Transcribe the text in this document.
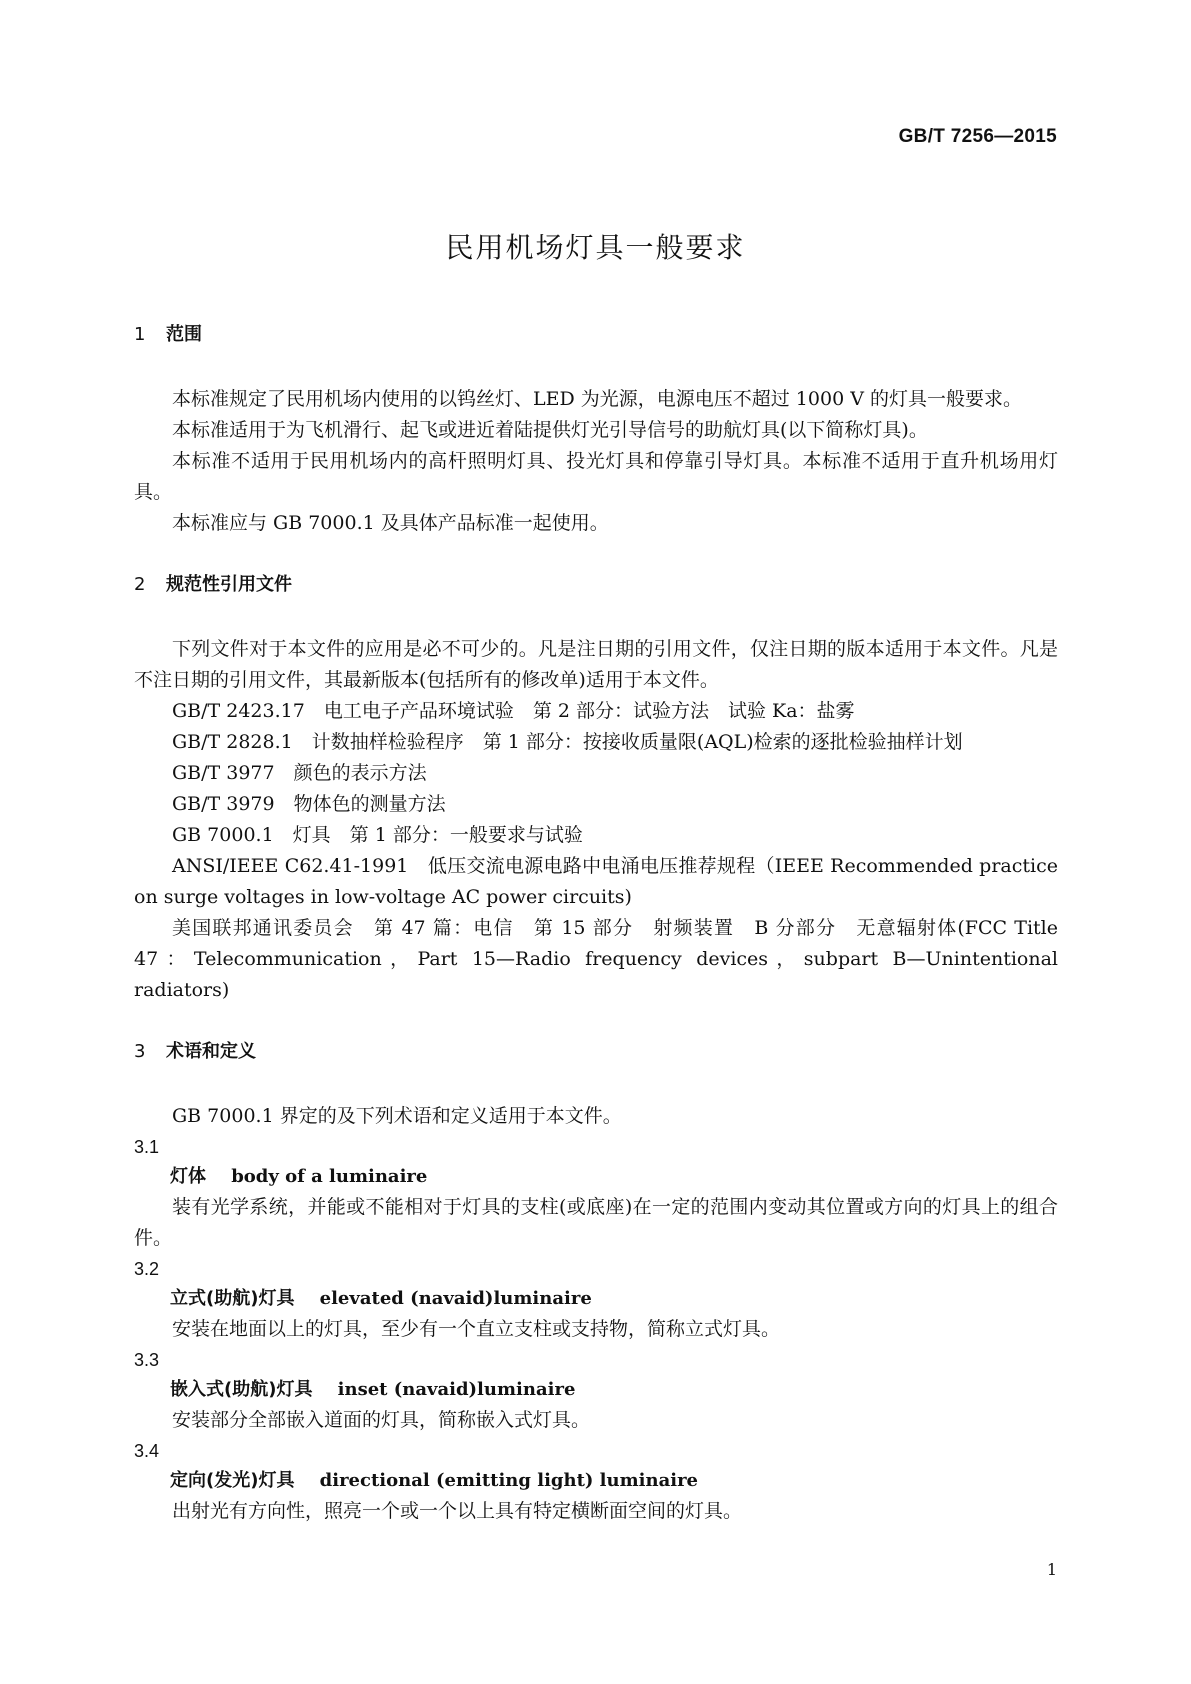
GB/T 7256—2015
民用机场灯具一般要求
1 范围

本标准规定了民用机场内使用的以钨丝灯、LED 为光源，电源电压不超过 1000 V 的灯具一般要求。

本标准适用于为飞机滑行、起飞或进近着陆提供灯光引导信号的助航灯具(以下简称灯具)。

本标准不适用于民用机场内的高杆照明灯具、投光灯具和停靠引导灯具。本标准不适用于直升机场用灯具。

本标准应与 GB 7000.1 及具体产品标准一起使用。

2 规范性引用文件

下列文件对于本文件的应用是必不可少的。凡是注日期的引用文件，仅注日期的版本适用于本文件。凡是不注日期的引用文件，其最新版本(包括所有的修改单)适用于本文件。

GB/T 2423.17　电工电子产品环境试验　第 2 部分：试验方法　试验 Ka：盐雾

GB/T 2828.1　计数抽样检验程序　第 1 部分：按接收质量限(AQL)检索的逐批检验抽样计划

GB/T 3977　颜色的表示方法

GB/T 3979　物体色的测量方法

GB 7000.1　灯具　第 1 部分：一般要求与试验

ANSI/IEEE C62.41-1991　低压交流电源电路中电涌电压推荐规程（IEEE Recommended practice on surge voltages in low-voltage AC power circuits)

美国联邦通讯委员会　第 47 篇：电信　第 15 部分　射频装置　B 分部分　无意辐射体(FCC Title 47：Telecommunication，Part 15—Radio frequency devices，subpart B—Unintentional radiators)

3 术语和定义

GB 7000.1 界定的及下列术语和定义适用于本文件。

3.1

灯体 body of a luminaire

装有光学系统，并能或不能相对于灯具的支柱(或底座)在一定的范围内变动其位置或方向的灯具上的组合件。

3.2

立式(助航)灯具 elevated (navaid)luminaire

安装在地面以上的灯具，至少有一个直立支柱或支持物，简称立式灯具。

3.3

嵌入式(助航)灯具 inset (navaid)luminaire

安装部分全部嵌入道面的灯具，简称嵌入式灯具。

3.4

定向(发光)灯具 directional (emitting light) luminaire

出射光有方向性，照亮一个或一个以上具有特定横断面空间的灯具。

1
